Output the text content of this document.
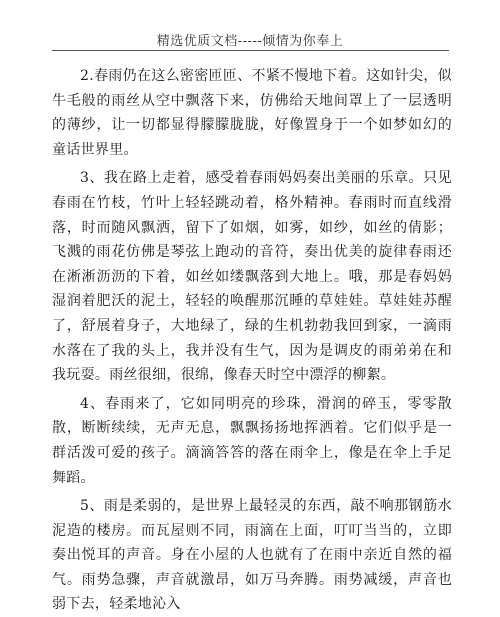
精选优质文档-----倾情为你奉上

2.春雨仍在这么密密匝匝、不紧不慢地下着。这如针尖，似牛毛般的雨丝从空中飘落下来，仿佛给天地间罩上了一层透明的薄纱，让一切都显得朦朦胧胧，好像置身于一个如梦如幻的童话世界里。

3、我在路上走着，感受着春雨妈妈奏出美丽的乐章。只见春雨在竹枝，竹叶上轻轻跳动着，格外精神。春雨时而直线滑落，时而随风飘洒，留下了如烟，如雾，如纱，如丝的倩影；飞溅的雨花仿佛是琴弦上跑动的音符，奏出优美的旋律春雨还在淅淅沥沥的下着，如丝如缕飘落到大地上。哦，那是春妈妈湿润着肥沃的泥土，轻轻的唤醒那沉睡的草娃娃。草娃娃苏醒了，舒展着身子，大地绿了，绿的生机勃勃我回到家，一滴雨水落在了我的头上，我并没有生气，因为是调皮的雨弟弟在和我玩耍。雨丝很细，很绵，像春天时空中漂浮的柳絮。

4、春雨来了，它如同明亮的珍珠，滑润的碎玉，零零散散，断断续续，无声无息，飘飘扬扬地挥洒着。它们似乎是一群活泼可爱的孩子。滴滴答答的落在雨伞上，像是在伞上手足舞蹈。

5、雨是柔弱的，是世界上最轻灵的东西，敲不响那钢筋水泥造的楼房。而瓦屋则不同，雨滴在上面，叮叮当当的，立即奏出悦耳的声音。身在小屋的人也就有了在雨中亲近自然的福气。雨势急骤，声音就激昂，如万马奔腾。雨势减缓，声音也弱下去，轻柔地沁入
